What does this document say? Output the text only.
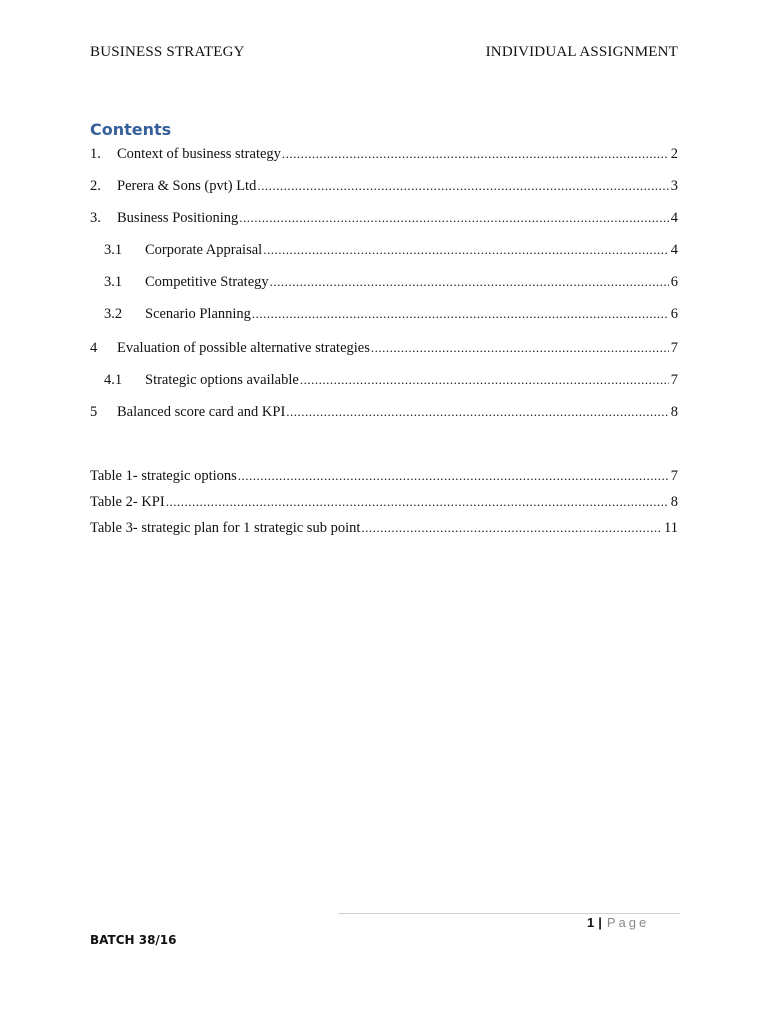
BUSINESS STRATEGY	INDIVIDUAL ASSIGNMENT
Contents
1.	Context of business strategy .....	2
2.	Perera & Sons (pvt) Ltd .....	3
3.	Business Positioning .....	4
3.1	Corporate Appraisal .....	4
3.1	Competitive Strategy .....	6
3.2	Scenario Planning .....	6
4	Evaluation of possible alternative strategies .....	7
4.1	Strategic options available .....	7
5	Balanced score card and KPI .....	8
Table 1- strategic options .....	7
Table 2- KPI .....	8
Table 3- strategic plan for 1 strategic sub point .....	11
1 | Page
BATCH 38/16
